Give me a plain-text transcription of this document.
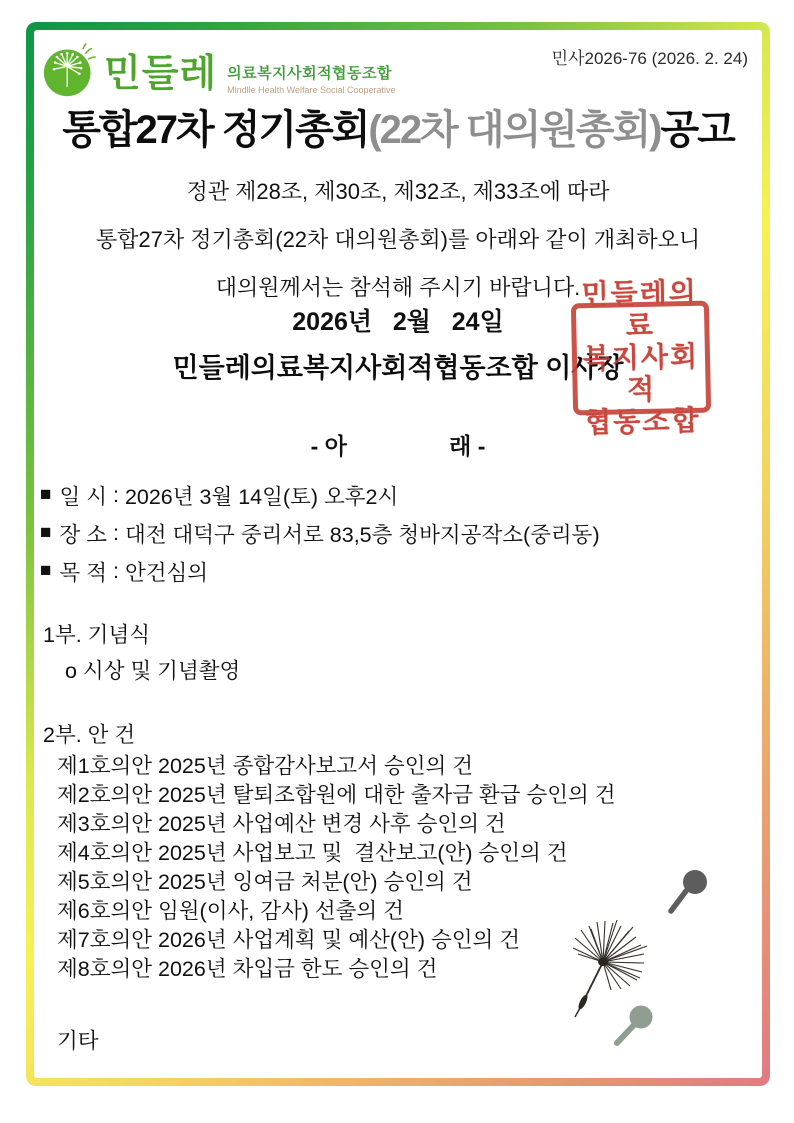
민들레 의료복지사회적협동조합
Mindlle Health Welfare Social Cooperative
민사2026-76 (2026. 2. 24)
통합27차 정기총회(22차 대의원총회)공고
정관 제28조, 제30조, 제32조, 제33조에 따라
통합27차 정기총회(22차 대의원총회)를 아래와 같이 개최하오니
대의원께서는 참석해 주시기 바랍니다.
2026년   2월   24일
민들레의료복지사회적협동조합 이사장
민들레의료
복지사회적
협동조합
- 아                래 -
■ 일 시 : 2026년 3월 14일(토) 오후2시
■ 장 소 : 대전 대덕구 중리서로 83,5층 청바지공작소(중리동)
■ 목 적 : 안건심의
1부. 기념식
o 시상 및 기념촬영
2부. 안 건
제1호의안 2025년 종합감사보고서 승인의 건
제2호의안 2025년 탈퇴조합원에 대한 출자금 환급 승인의 건
제3호의안 2025년 사업예산 변경 사후 승인의 건
제4호의안 2025년 사업보고 및  결산보고(안) 승인의 건
제5호의안 2025년 잉여금 처분(안) 승인의 건
제6호의안 임원(이사, 감사) 선출의 건
제7호의안 2026년 사업계획 및 예산(안) 승인의 건
제8호의안 2026년 차입금 한도 승인의 건
기타
